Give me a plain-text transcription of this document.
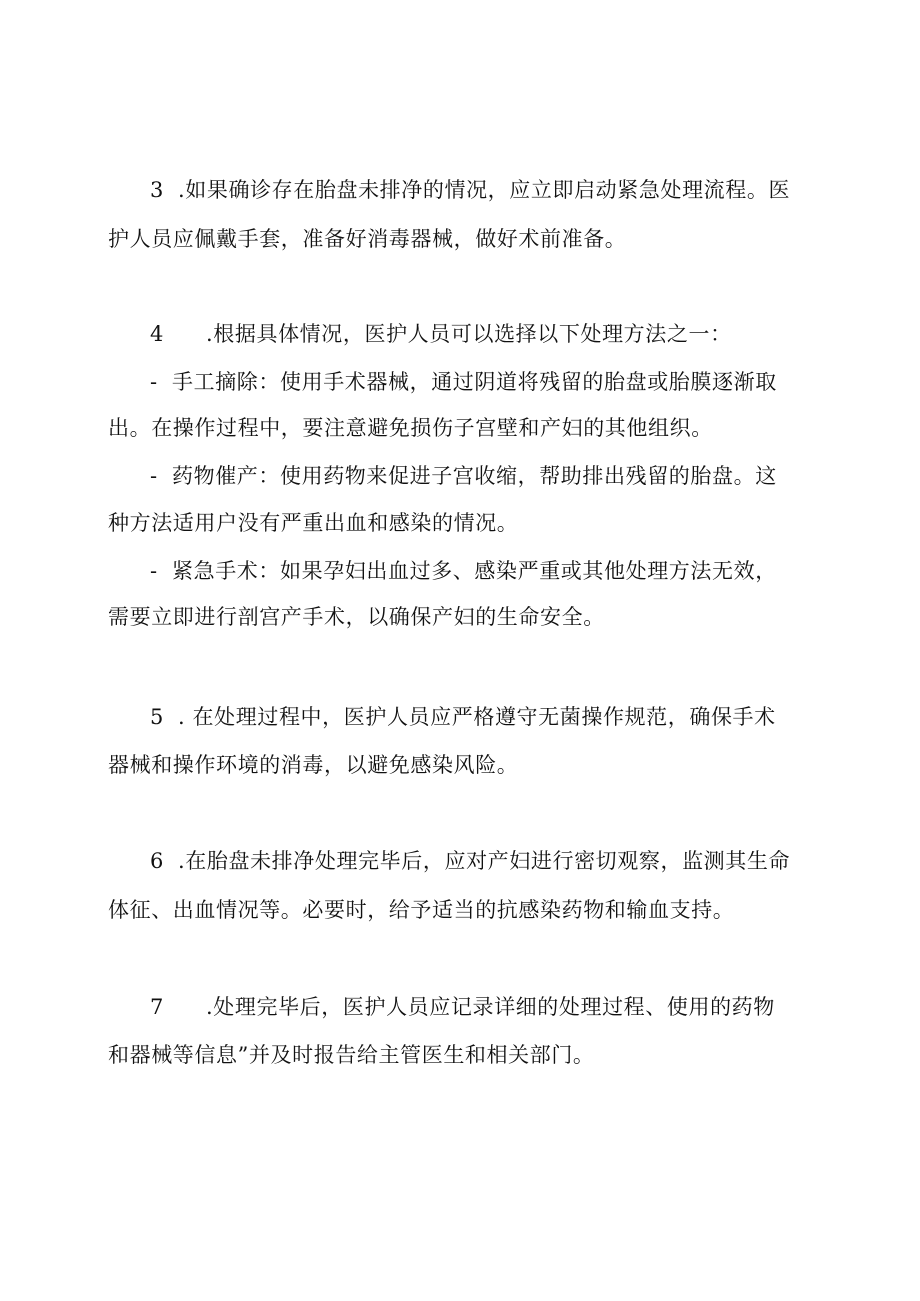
3 .如果确诊存在胎盘未排净的情况，应立即启动紧急处理流程。医
护人员应佩戴手套，准备好消毒器械，做好术前准备。
4 .根据具体情况，医护人员可以选择以下处理方法之一：
- 手工摘除：使用手术器械，通过阴道将残留的胎盘或胎膜逐渐取
出。在操作过程中，要注意避免损伤子宫壁和产妇的其他组织。
- 药物催产：使用药物来促进子宫收缩，帮助排出残留的胎盘。这
种方法适用户没有严重出血和感染的情况。
- 紧急手术：如果孕妇出血过多、感染严重或其他处理方法无效，
需要立即进行剖宫产手术，以确保产妇的生命安全。
5 . 在处理过程中，医护人员应严格遵守无菌操作规范，确保手术
器械和操作环境的消毒，以避免感染风险。
6 .在胎盘未排净处理完毕后，应对产妇进行密切观察，监测其生命
体征、出血情况等。必要时，给予适当的抗感染药物和输血支持。
7 .处理完毕后，医护人员应记录详细的处理过程、使用的药物
和器械等信息”并及时报告给主管医生和相关部门。
